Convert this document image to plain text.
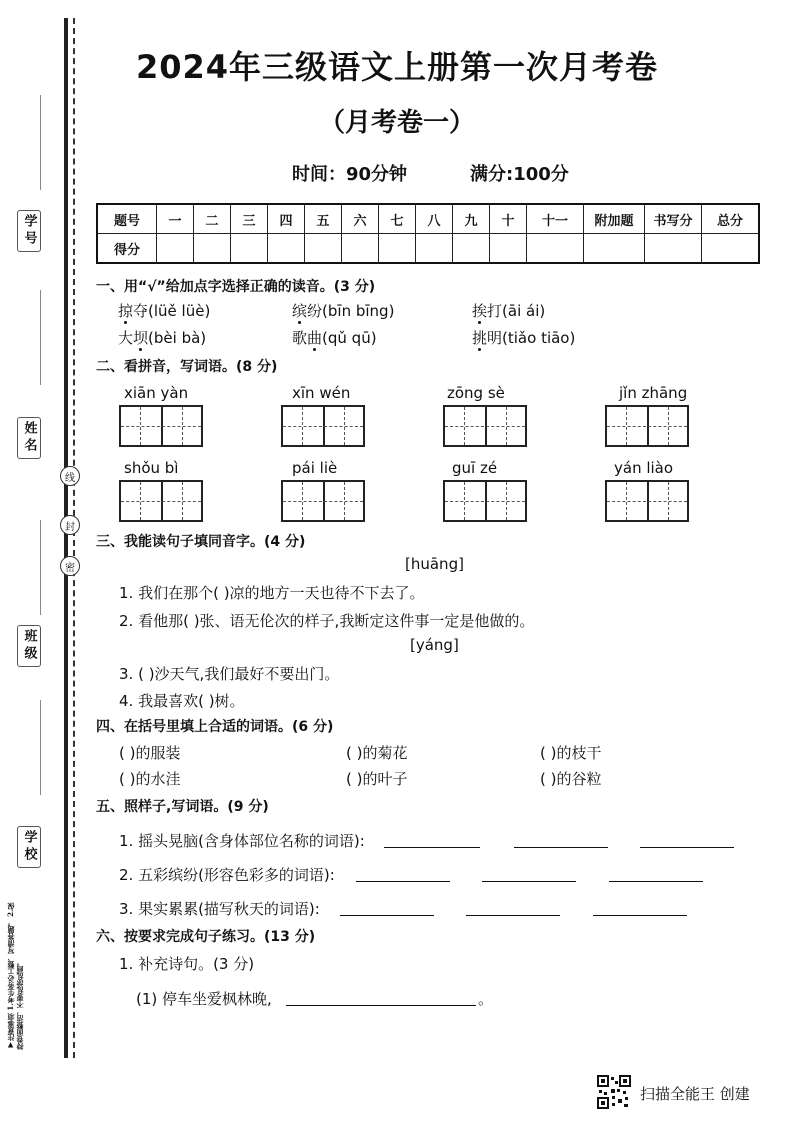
学号
姓名
班级
学校
线
封
密
▼注意事项 1.考生务必工整、写清答题。 2.保持卷面整洁，不要乱涂乱画。
2024年三级语文上册第一次月考卷
（月考卷一）
时间：90分钟	满分:100分
题号	一	二	三	四	五	六	七	八	九	十	十一	附加题	书写分	总分
得分														
一、用“√”给加点字选择正确的读音。(3 分)
掠夺(lüě lüè)	缤纷(bīn bīng)	挨打(āi ái)
大坝(bèi bà)	歌曲(qǔ qū)	挑明(tiǎo tiāo)
二、看拼音，写词语。(8 分)
xiān yàn	xīn wén	zōng sè	jǐn zhāng
shǒu bì	pái liè	guī zé	yán liào
三、我能读句子填同音字。(4 分)
[huāng]
1. 我们在那个( )凉的地方一天也待不下去了。
2. 看他那( )张、语无伦次的样子,我断定这件事一定是他做的。
[yáng]
3. ( )沙天气,我们最好不要出门。
4. 我最喜欢( )树。
四、在括号里填上合适的词语。(6 分)
( )的服装	( )的菊花	( )的枝干
( )的水洼	( )的叶子	( )的谷粒
五、照样子,写词语。(9 分)
1. 摇头晃脑(含身体部位名称的词语):
2. 五彩缤纷(形容色彩多的词语):
3. 果实累累(描写秋天的词语):
六、按要求完成句子练习。(13 分)
1. 补充诗句。(3 分)
(1) 停车坐爱枫林晚,	。
扫描全能王 创建
